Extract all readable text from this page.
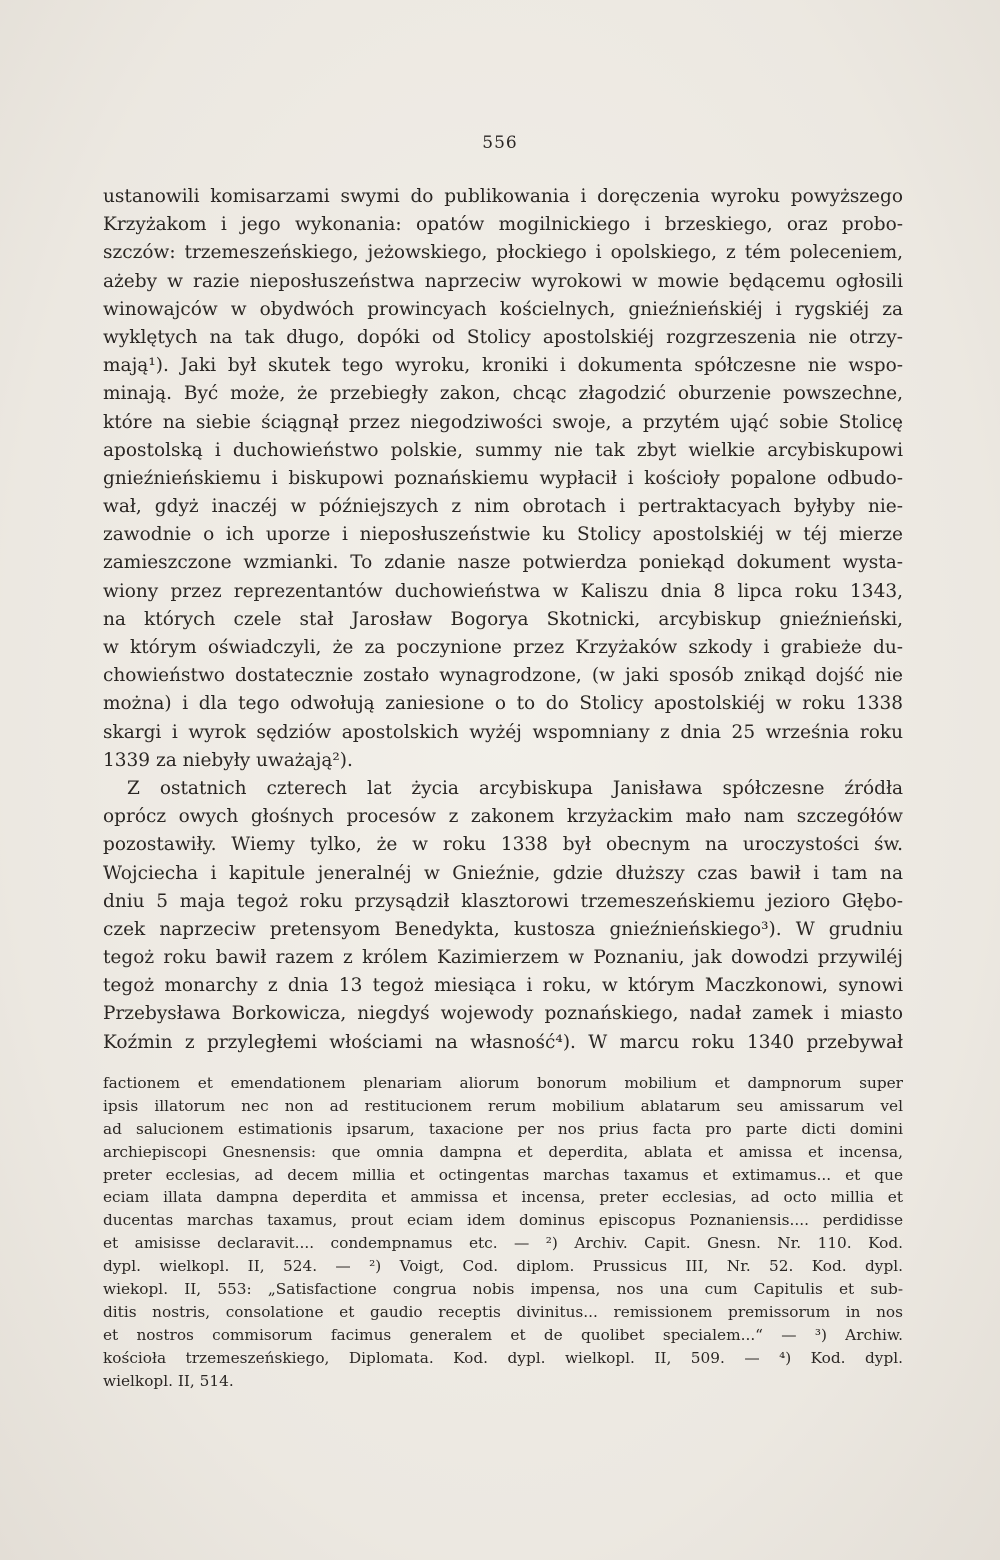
556
ustanowili komisarzami swymi do publikowania i doręczenia wyroku powyższego
Krzyżakom i jego wykonania: opatów mogilnickiego i brzeskiego, oraz probo-
szczów: trzemeszeńskiego, jeżowskiego, płockiego i opolskiego, z tém poleceniem,
ażeby w razie nieposłuszeństwa naprzeciw wyrokowi w mowie będącemu ogłosili
winowajców w obydwóch prowincyach kościelnych, gnieźnieńskiéj i rygskiéj za
wyklętych na tak długo, dopóki od Stolicy apostolskiéj rozgrzeszenia nie otrzy-
mają¹). Jaki był skutek tego wyroku, kroniki i dokumenta spółczesne nie wspo-
minają. Być może, że przebiegły zakon, chcąc złagodzić oburzenie powszechne,
które na siebie ściągnął przez niegodziwości swoje, a przytém ująć sobie Stolicę
apostolską i duchowieństwo polskie, summy nie tak zbyt wielkie arcybiskupowi
gnieźnieńskiemu i biskupowi poznańskiemu wypłacił i kościoły popalone odbudo-
wał, gdyż inaczéj w późniejszych z nim obrotach i pertraktacyach byłyby nie-
zawodnie o ich uporze i nieposłuszeństwie ku Stolicy apostolskiéj w téj mierze
zamieszczone wzmianki. To zdanie nasze potwierdza poniekąd dokument wysta-
wiony przez reprezentantów duchowieństwa w Kaliszu dnia 8 lipca roku 1343,
na których czele stał Jarosław Bogorya Skotnicki, arcybiskup gnieźnieński,
w którym oświadczyli, że za poczynione przez Krzyżaków szkody i grabieże du-
chowieństwo dostatecznie zostało wynagrodzone, (w jaki sposób znikąd dojść nie
można) i dla tego odwołują zaniesione o to do Stolicy apostolskiéj w roku 1338
skargi i wyrok sędziów apostolskich wyżéj wspomniany z dnia 25 września roku
1339 za niebyły uważają²).
Z ostatnich czterech lat życia arcybiskupa Janisława spółczesne źródła
oprócz owych głośnych procesów z zakonem krzyżackim mało nam szczegółów
pozostawiły. Wiemy tylko, że w roku 1338 był obecnym na uroczystości św.
Wojciecha i kapitule jeneralnéj w Gnieźnie, gdzie dłuższy czas bawił i tam na
dniu 5 maja tegoż roku przysądził klasztorowi trzemeszeńskiemu jezioro Głębo-
czek naprzeciw pretensyom Benedykta, kustosza gnieźnieńskiego³). W grudniu
tegoż roku bawił razem z królem Kazimierzem w Poznaniu, jak dowodzi przywiléj
tegoż monarchy z dnia 13 tegoż miesiąca i roku, w którym Maczkonowi, synowi
Przebysława Borkowicza, niegdyś wojewody poznańskiego, nadał zamek i miasto
Koźmin z przyległemi włościami na własność⁴). W marcu roku 1340 przebywał
factionem et emendationem plenariam aliorum bonorum mobilium et dampnorum super
ipsis illatorum nec non ad restitucionem rerum mobilium ablatarum seu amissarum vel
ad salucionem estimationis ipsarum, taxacione per nos prius facta pro parte dicti domini
archiepiscopi Gnesnensis: que omnia dampna et deperdita, ablata et amissa et incensa,
preter ecclesias, ad decem millia et octingentas marchas taxamus et extimamus... et que
eciam illata dampna deperdita et ammissa et incensa, preter ecclesias, ad octo millia et
ducentas marchas taxamus, prout eciam idem dominus episcopus Poznaniensis.... perdidisse
et amisisse declaravit.... condempnamus etc. — ²) Archiv. Capit. Gnesn. Nr. 110. Kod.
dypl. wielkopl. II, 524. — ²) Voigt, Cod. diplom. Prussicus III, Nr. 52. Kod. dypl.
wiekopl. II, 553: „Satisfactione congrua nobis impensa, nos una cum Capitulis et sub-
ditis nostris, consolatione et gaudio receptis divinitus... remissionem premissorum in nos
et nostros commisorum facimus generalem et de quolibet specialem...“ — ³) Archiw.
kościoła trzemeszeńskiego, Diplomata. Kod. dypl. wielkopl. II, 509. — ⁴) Kod. dypl.
wielkopl. II, 514.
